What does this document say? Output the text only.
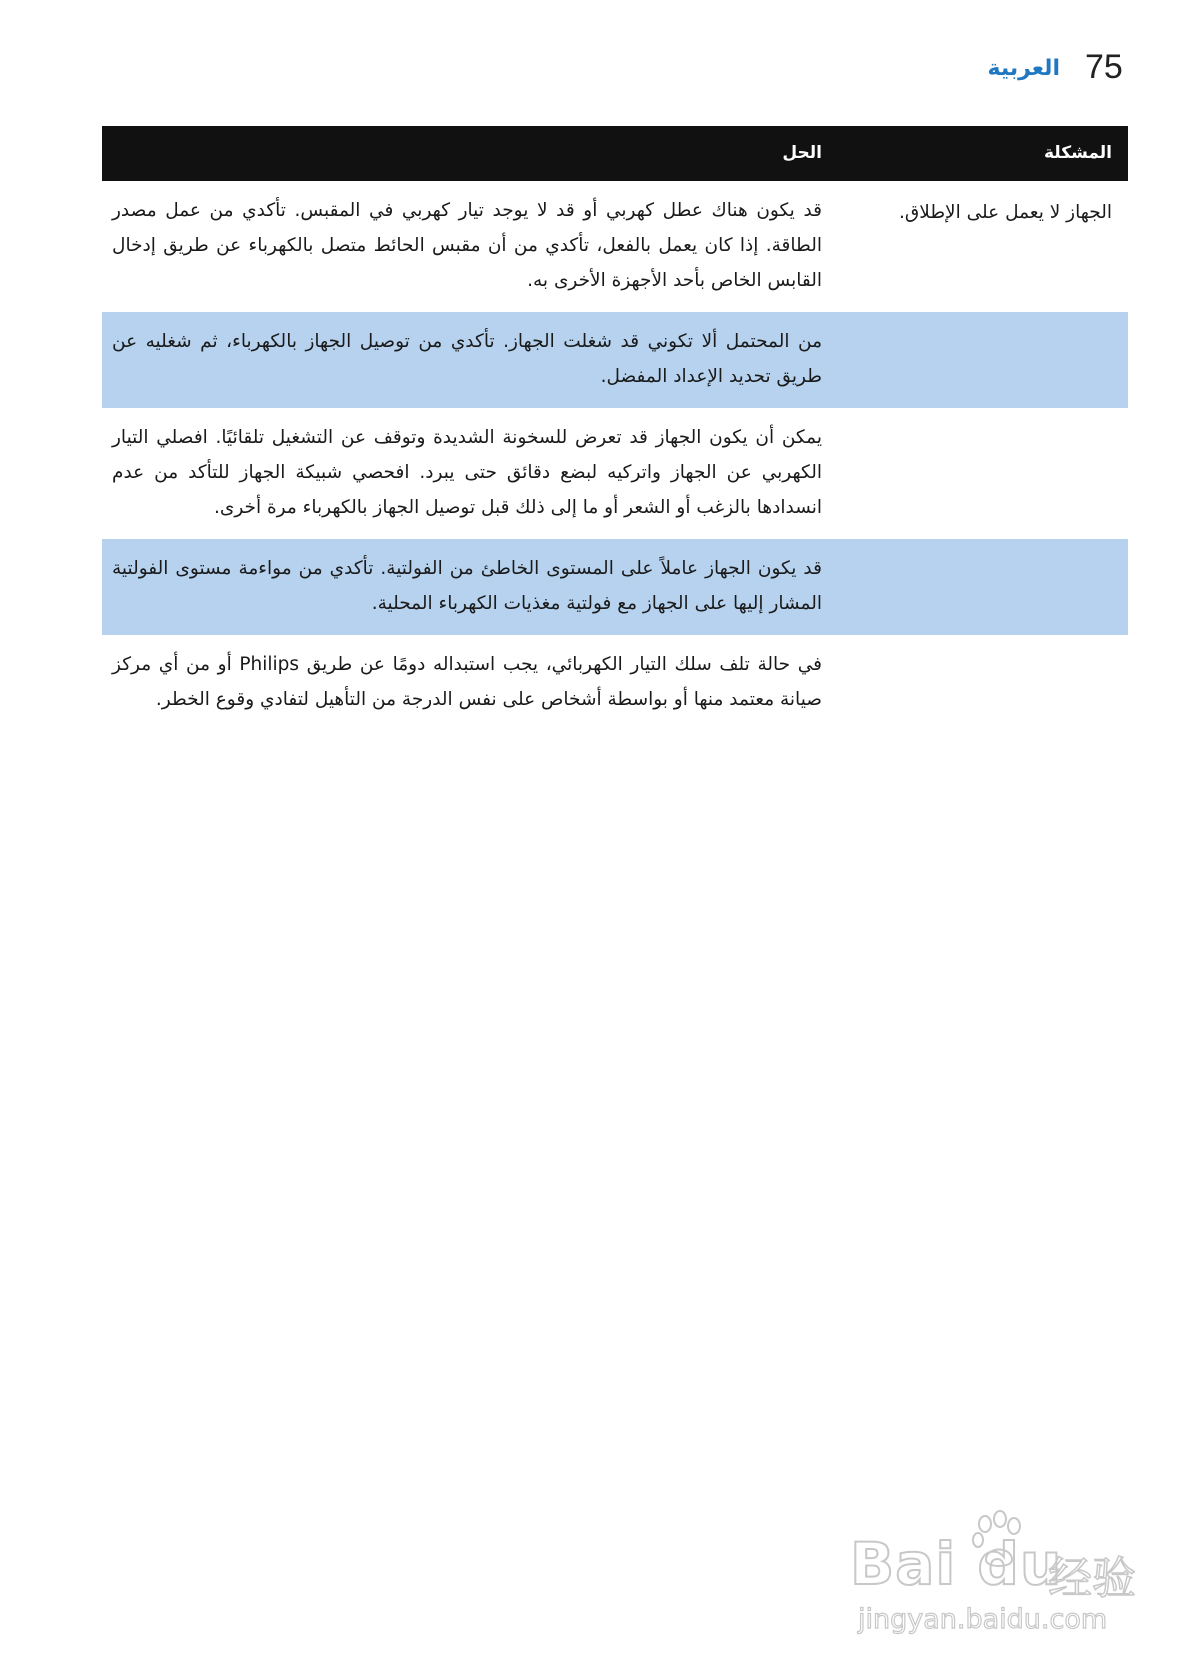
75
العربية
المشكلة
الحل
الجهاز لا يعمل على الإطلاق.
قد يكون هناك عطل كهربي أو قد لا يوجد تيار كهربي في المقبس. تأكدي من عمل مصدر الطاقة. إذا كان يعمل بالفعل، تأكدي من أن مقبس الحائط متصل بالكهرباء عن طريق إدخال القابس الخاص بأحد الأجهزة الأخرى به.
من المحتمل ألا تكوني قد شغلت الجهاز. تأكدي من توصيل الجهاز بالكهرباء، ثم شغليه عن طريق تحديد الإعداد المفضل.
يمكن أن يكون الجهاز قد تعرض للسخونة الشديدة وتوقف عن التشغيل تلقائيًا. افصلي التيار الكهربي عن الجهاز واتركيه لبضع دقائق حتى يبرد. افحصي شبيكة الجهاز للتأكد من عدم انسدادها بالزغب أو الشعر أو ما إلى ذلك قبل توصيل الجهاز بالكهرباء مرة أخرى.
قد يكون الجهاز عاملاً على المستوى الخاطئ من الفولتية. تأكدي من مواءمة مستوى الفولتية المشار إليها على الجهاز مع فولتية مغذيات الكهرباء المحلية.
في حالة تلف سلك التيار الكهربائي، يجب استبداله دومًا عن طريق Philips أو من أي مركز صيانة معتمد منها أو بواسطة أشخاص على نفس الدرجة من التأهيل لتفادي وقوع الخطر.
Bai du
经验
jingyan.baidu.com
